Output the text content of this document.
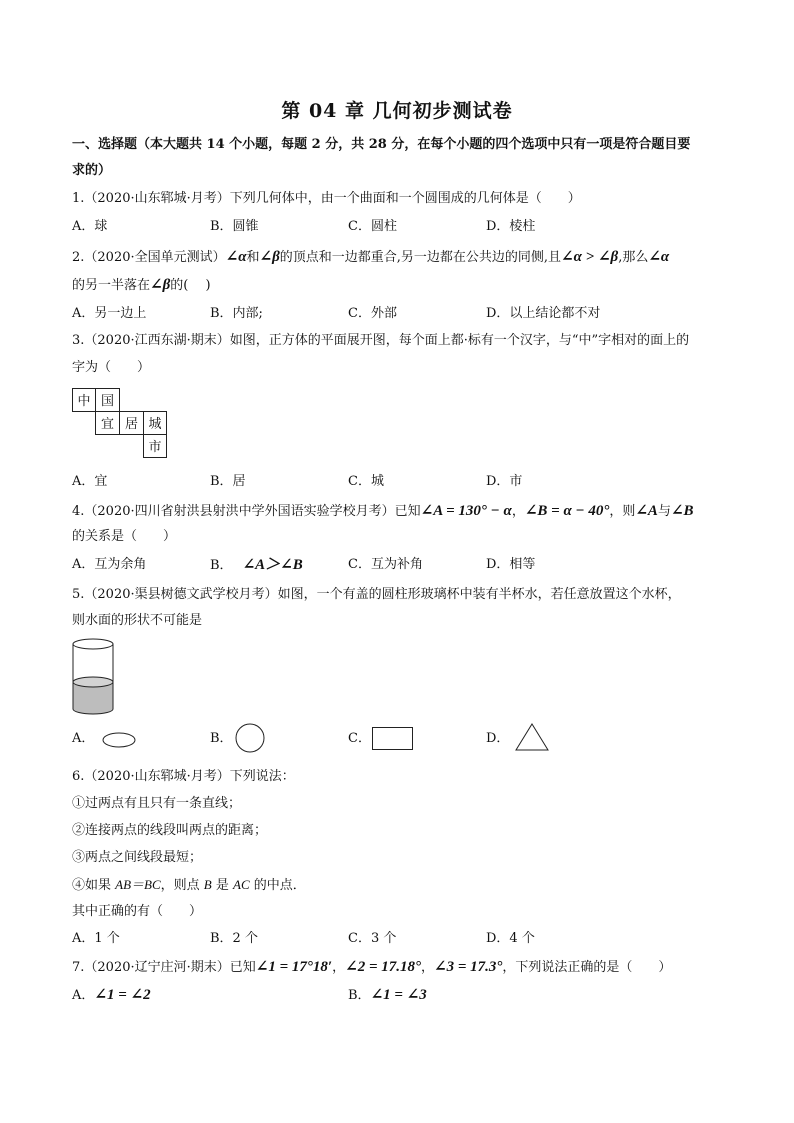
第 04 章 几何初步测试卷
一、选择题（本大题共 14 个小题，每题 2 分，共 28 分，在每个小题的四个选项中只有一项是符合题目要
求的）
1.（2020·山东郓城·月考）下列几何体中，由一个曲面和一个圆围成的几何体是（　　）
A．球	B．圆锥	C．圆柱	D．棱柱
2.（2020·全国单元测试）∠α和∠β的顶点和一边都重合,另一边都在公共边的同侧,且∠α > ∠β,那么∠α
的另一半落在∠β的(　 )
A．另一边上	B．内部;	C．外部	D．以上结论都不对
3.（2020·江西东湖·期末）如图，正方体的平面展开图，每个面上都·标有一个汉字，与“中”字相对的面上的
字为（　　）
中 国
宜 居 城
市
A．宜	B．居	C．城	D．市
4.（2020·四川省射洪县射洪中学外国语实验学校月考）已知∠A = 130° − α，∠B = α − 40°，则∠A与∠B
的关系是（　　）
A．互为余角	B． ∠A＞∠B	C．互为补角	D．相等
5.（2020·渠县树德文武学校月考）如图，一个有盖的圆柱形玻璃杯中装有半杯水，若任意放置这个水杯，
则水面的形状不可能是
A．	B．	C．	D．
6.（2020·山东郓城·月考）下列说法：
①过两点有且只有一条直线；
②连接两点的线段叫两点的距离；
③两点之间线段最短；
④如果 AB＝BC，则点 B 是 AC 的中点．
其中正确的有（　　）
A．1 个	B．2 个	C．3 个	D．4 个
7.（2020·辽宁庄河·期末）已知∠1 = 17°18′，∠2 = 17.18°，∠3 = 17.3°，下列说法正确的是（　　）
A．∠1 = ∠2	B．∠1 = ∠3
